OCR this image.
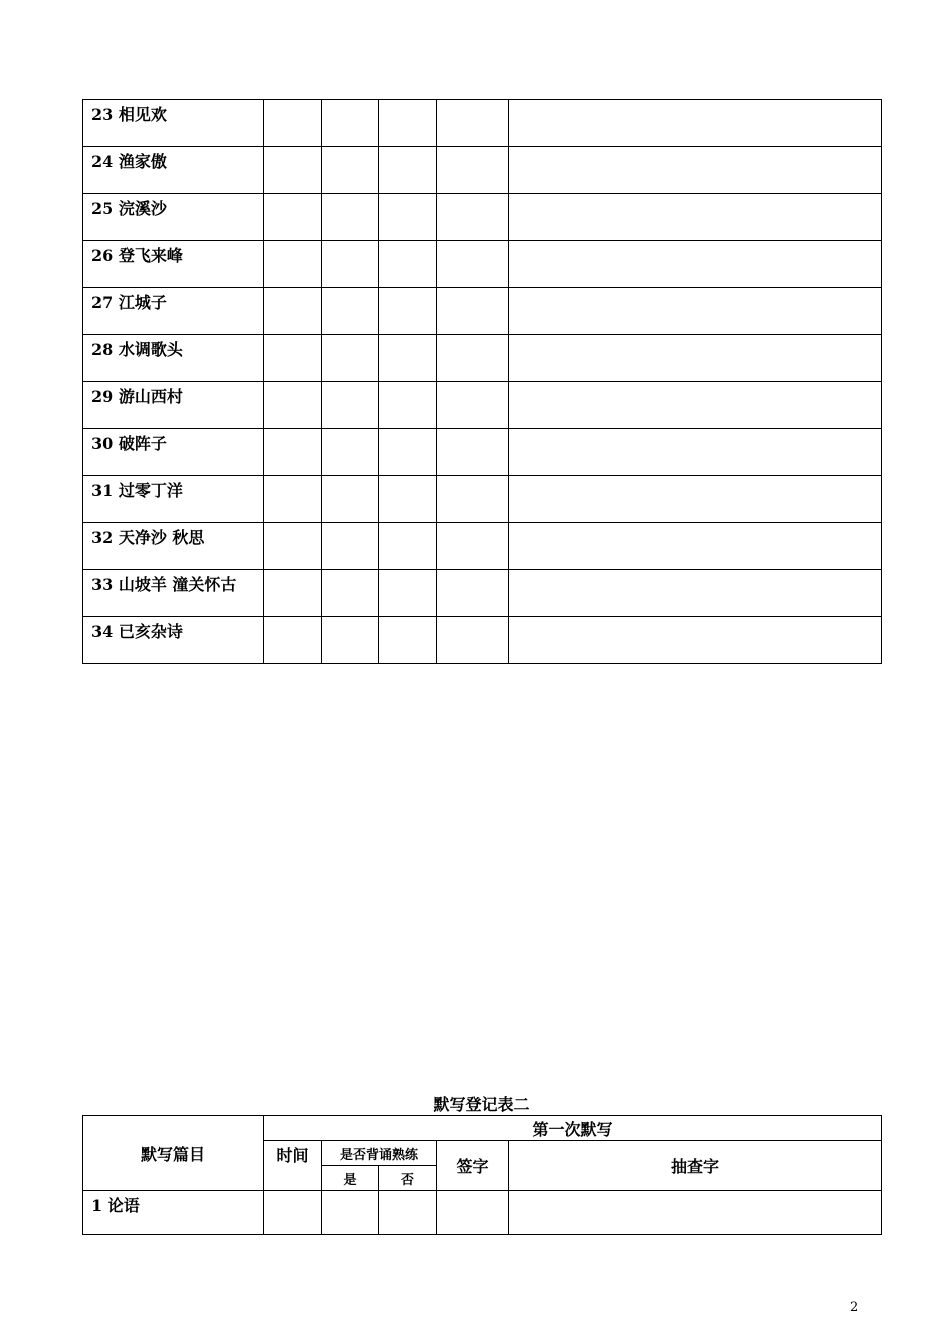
23 相见欢					
24 渔家傲					
25 浣溪沙					
26 登飞来峰					
27 江城子					
28 水调歌头					
29 游山西村					
30 破阵子					
31 过零丁洋					
32 天净沙 秋思					
33 山坡羊 潼关怀古					
34 已亥杂诗					
默写登记表二
默写篇目	第一次默写				
	时间	是否背诵熟练		签字	抽查字
		是	否		
1 论语					
2
